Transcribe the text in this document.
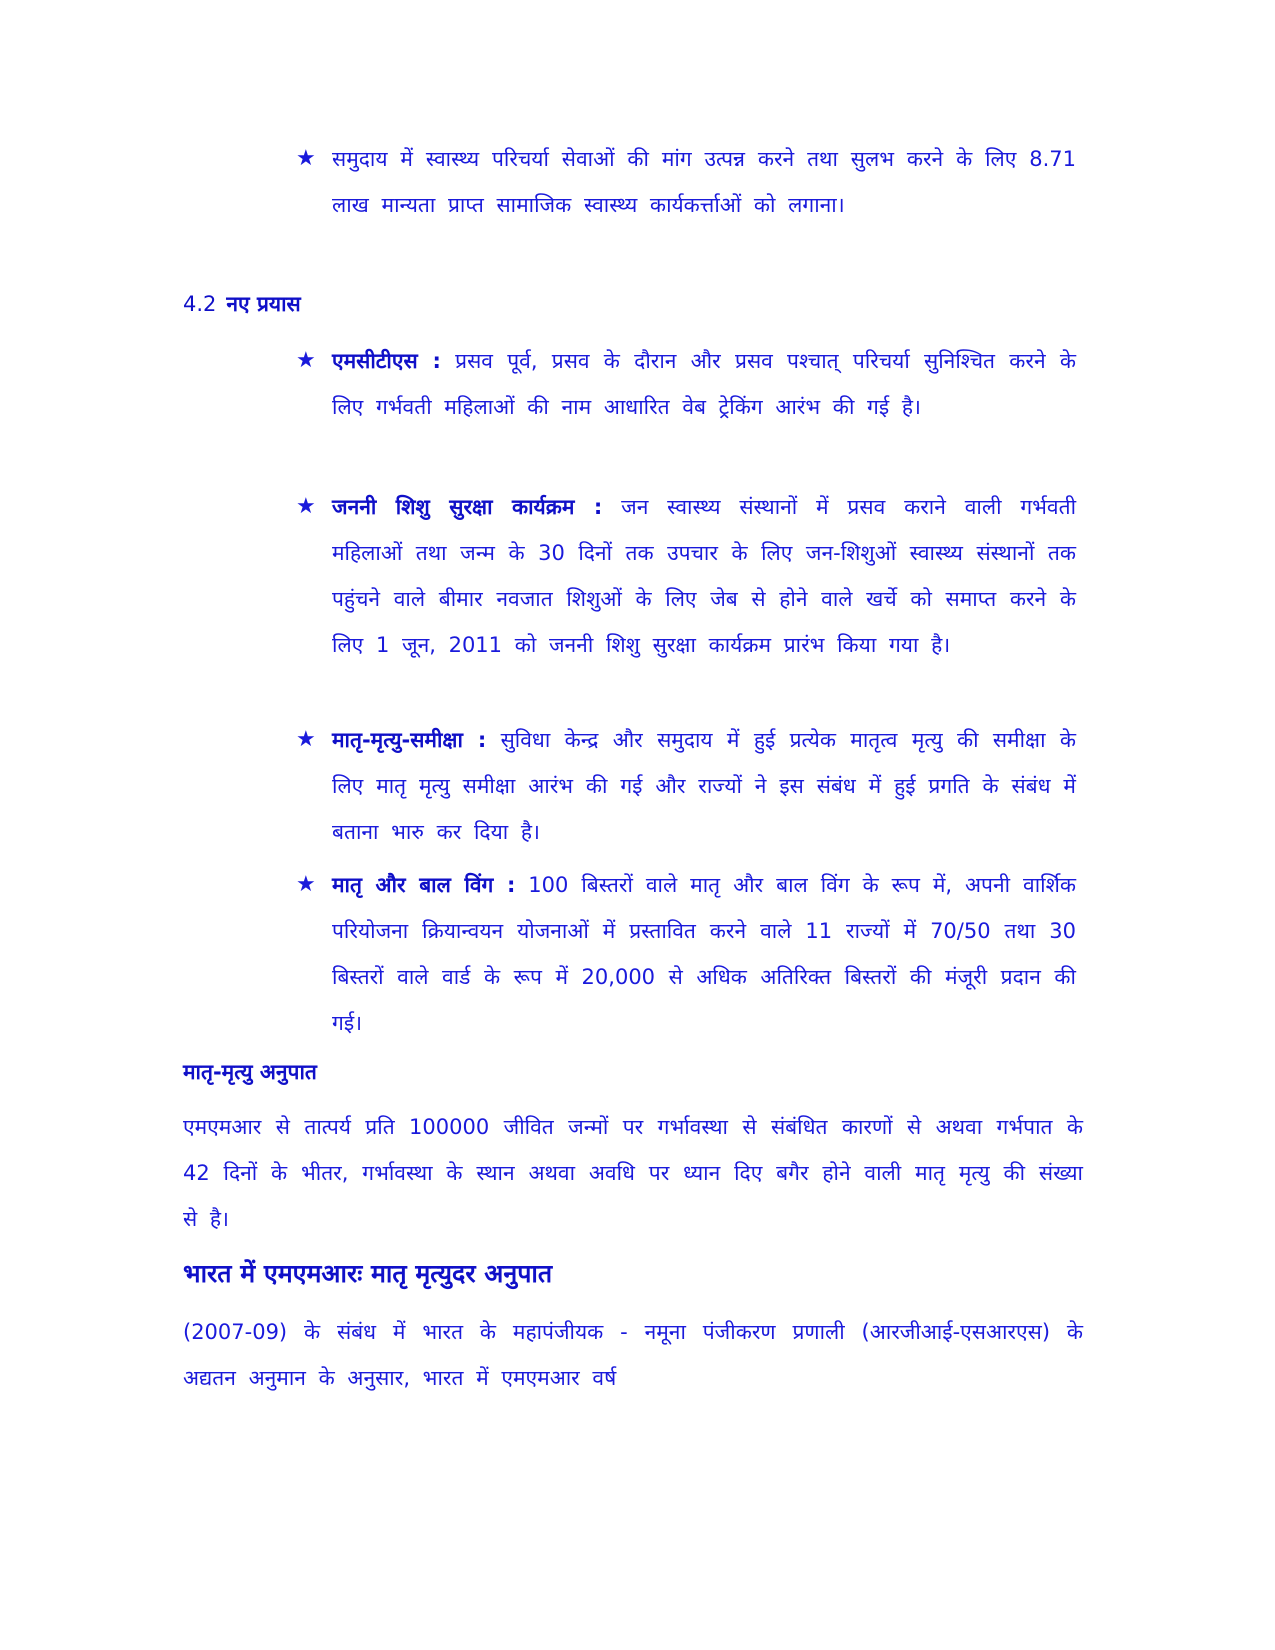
★ समुदाय में स्वास्थ्य परिचर्या सेवाओं की मांग उत्पन्न करने तथा सुलभ करने के लिए 8.71 लाख मान्यता प्राप्त सामाजिक स्वास्थ्य कार्यकर्त्ताओं को लगाना।
4.2 नए प्रयास
★ एमसीटीएस : प्रसव पूर्व, प्रसव के दौरान और प्रसव पश्चात् परिचर्या सुनिश्चित करने के लिए गर्भवती महिलाओं की नाम आधारित वेब ट्रेकिंग आरंभ की गई है।
★ जननी शिशु सुरक्षा कार्यक्रम : जन स्वास्थ्य संस्थानों में प्रसव कराने वाली गर्भवती महिलाओं तथा जन्म के 30 दिनों तक उपचार के लिए जन-शिशुओं स्वास्थ्य संस्थानों तक पहुंचने वाले बीमार नवजात शिशुओं के लिए जेब से होने वाले खर्चे को समाप्त करने के लिए 1 जून, 2011 को जननी शिशु सुरक्षा कार्यक्रम प्रारंभ किया गया है।
★ मातृ-मृत्यु-समीक्षा : सुविधा केन्द्र और समुदाय में हुई प्रत्येक मातृत्व मृत्यु की समीक्षा के लिए मातृ मृत्यु समीक्षा आरंभ की गई और राज्यों ने इस संबंध में हुई प्रगति के संबंध में बताना भारु कर दिया है।
★ मातृ और बाल विंग : 100 बिस्तरों वाले मातृ और बाल विंग के रूप में, अपनी वार्शिक परियोजना क्रियान्वयन योजनाओं में प्रस्तावित करने वाले 11 राज्यों में 70/50 तथा 30 बिस्तरों वाले वार्ड के रूप में 20,000 से अधिक अतिरिक्त बिस्तरों की मंजूरी प्रदान की गई।
मातृ-मृत्यु अनुपात
एमएमआर से तात्पर्य प्रति 100000 जीवित जन्मों पर गर्भावस्था से संबंधित कारणों से अथवा गर्भपात के 42 दिनों के भीतर, गर्भावस्था के स्थान अथवा अवधि पर ध्यान दिए बगैर होने वाली मातृ मृत्यु की संख्या से है।
भारत में एमएमआरः मातृ मृत्युदर अनुपात
(2007-09) के संबंध में भारत के महापंजीयक - नमूना पंजीकरण प्रणाली (आरजीआई-एसआरएस) के अद्यतन अनुमान के अनुसार, भारत में एमएमआर वर्ष
